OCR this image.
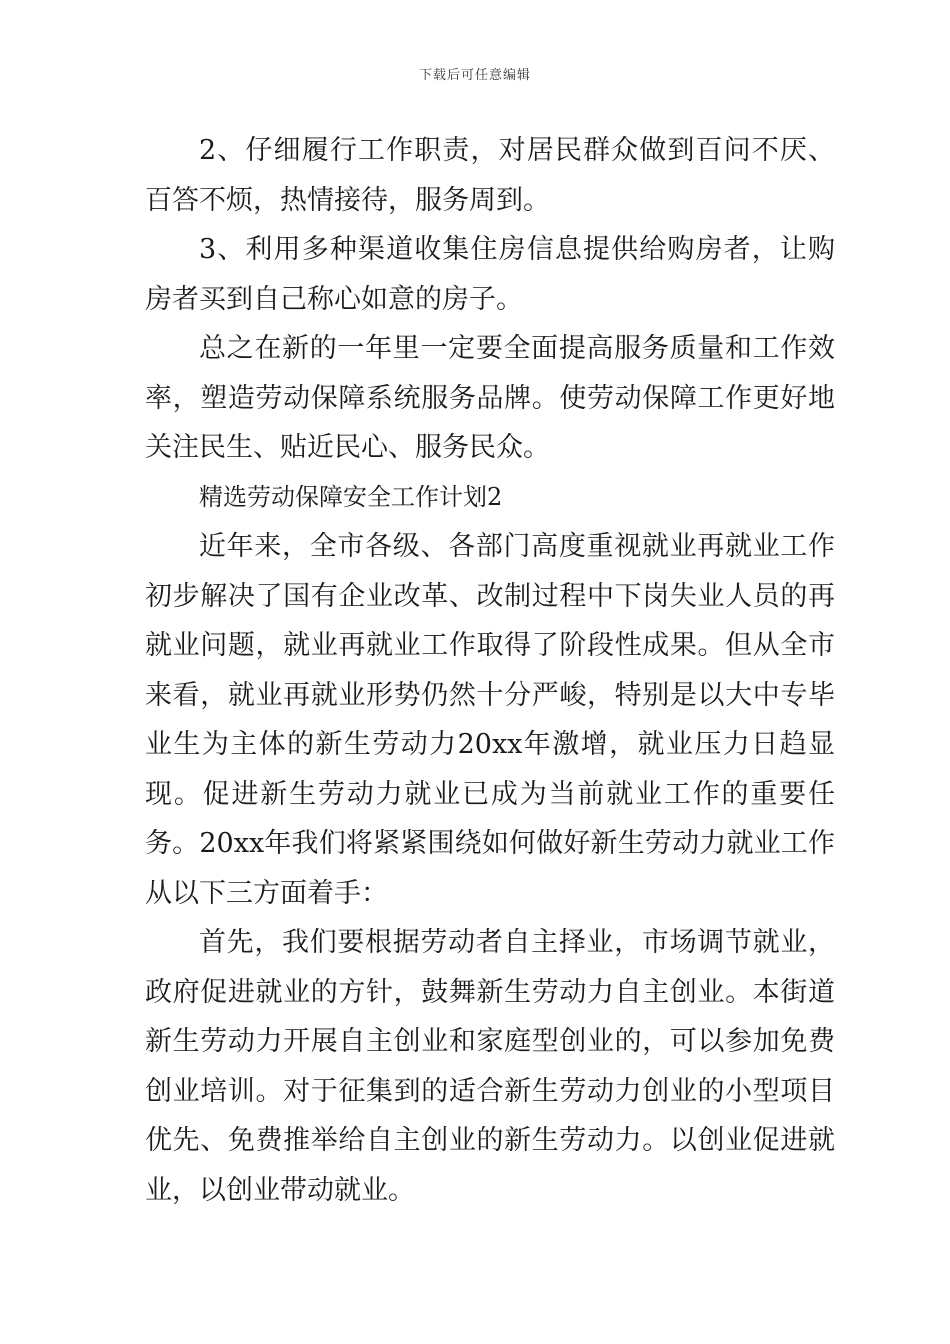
下载后可任意编辑

2、仔细履行工作职责，对居民群众做到百问不厌、百答不烦，热情接待，服务周到。

3、利用多种渠道收集住房信息提供给购房者，让购房者买到自己称心如意的房子。

总之在新的一年里一定要全面提高服务质量和工作效率，塑造劳动保障系统服务品牌。使劳动保障工作更好地关注民生、贴近民心、服务民众。

精选劳动保障安全工作计划2

近年来，全市各级、各部门高度重视就业再就业工作初步解决了国有企业改革、改制过程中下岗失业人员的再就业问题，就业再就业工作取得了阶段性成果。但从全市来看，就业再就业形势仍然十分严峻，特别是以大中专毕业生为主体的新生劳动力20xx年激增，就业压力日趋显现。促进新生劳动力就业已成为当前就业工作的重要任务。20xx年我们将紧紧围绕如何做好新生劳动力就业工作从以下三方面着手：

首先，我们要根据劳动者自主择业，市场调节就业，政府促进就业的方针，鼓舞新生劳动力自主创业。本街道新生劳动力开展自主创业和家庭型创业的，可以参加免费创业培训。对于征集到的适合新生劳动力创业的小型项目优先、免费推举给自主创业的新生劳动力。以创业促进就业，以创业带动就业。
